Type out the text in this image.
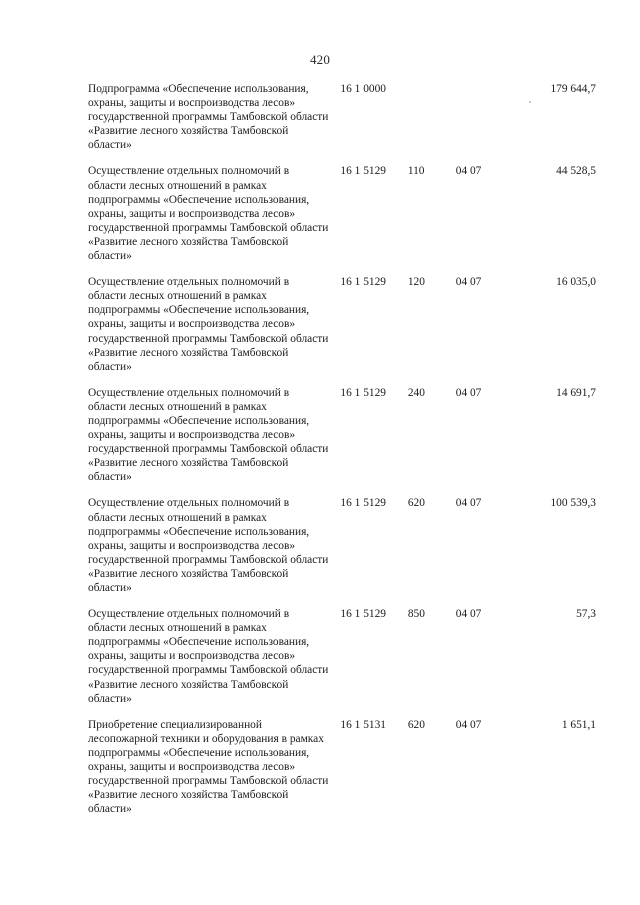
420
Подпрограмма «Обеспечение использования, охраны, защиты и воспроизводства лесов» государственной программы Тамбовской области «Развитие лесного хозяйства Тамбовской области»	16 1 0000			179 644,7
Осуществление отдельных полномочий в области лесных отношений в рамках подпрограммы «Обеспечение использования, охраны, защиты и воспроизводства лесов» государственной программы Тамбовской области «Развитие лесного хозяйства Тамбовской области»	16 1 5129	110	04 07	44 528,5
Осуществление отдельных полномочий в области лесных отношений в рамках подпрограммы «Обеспечение использования, охраны, защиты и воспроизводства лесов» государственной программы Тамбовской области «Развитие лесного хозяйства Тамбовской области»	16 1 5129	120	04 07	16 035,0
Осуществление отдельных полномочий в области лесных отношений в рамках подпрограммы «Обеспечение использования, охраны, защиты и воспроизводства лесов» государственной программы Тамбовской области «Развитие лесного хозяйства Тамбовской области»	16 1 5129	240	04 07	14 691,7
Осуществление отдельных полномочий в области лесных отношений в рамках подпрограммы «Обеспечение использования, охраны, защиты и воспроизводства лесов» государственной программы Тамбовской области «Развитие лесного хозяйства Тамбовской области»	16 1 5129	620	04 07	100 539,3
Осуществление отдельных полномочий в области лесных отношений в рамках подпрограммы «Обеспечение использования, охраны, защиты и воспроизводства лесов» государственной программы Тамбовской области «Развитие лесного хозяйства Тамбовской области»	16 1 5129	850	04 07	57,3
Приобретение специализированной лесопожарной техники и оборудования в рамках подпрограммы «Обеспечение использования, охраны, защиты и воспроизводства лесов» государственной программы Тамбовской области «Развитие лесного хозяйства Тамбовской области»	16 1 5131	620	04 07	1 651,1
